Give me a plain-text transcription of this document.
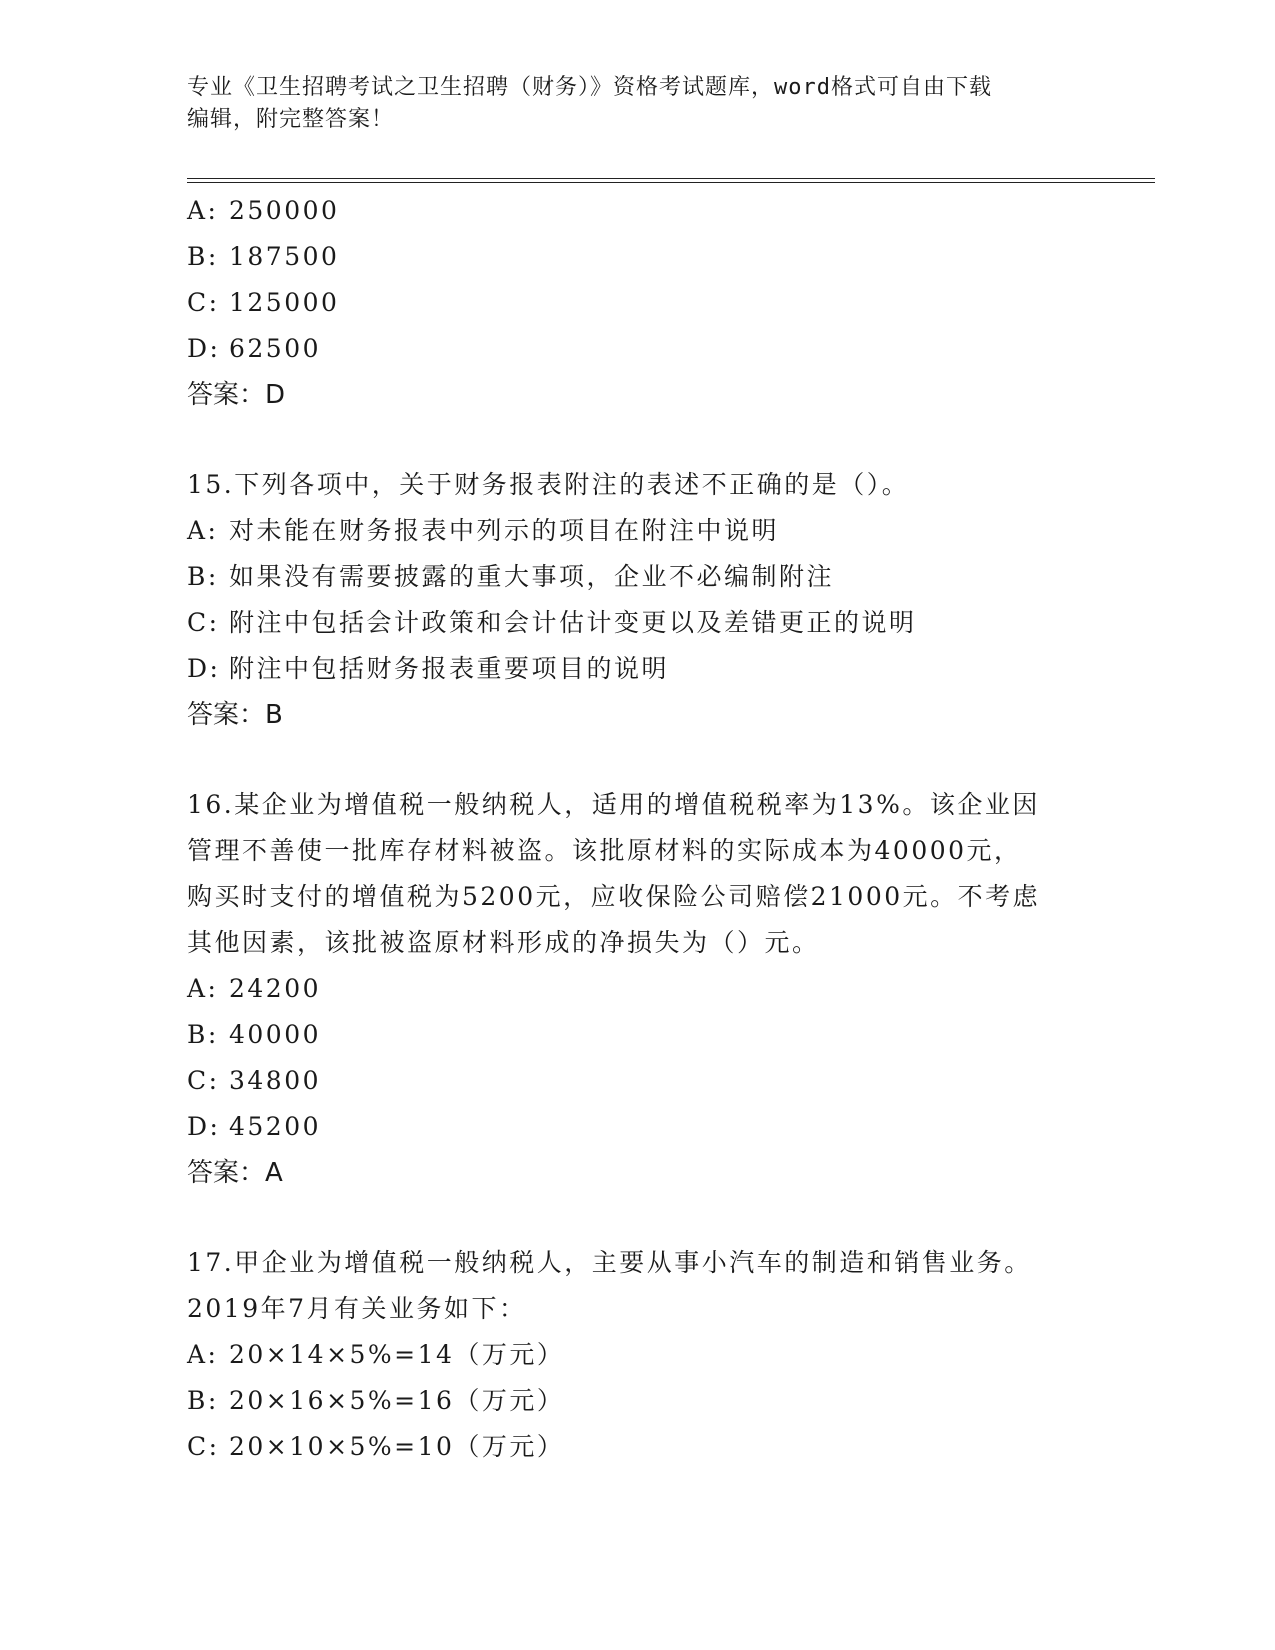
专业《卫生招聘考试之卫生招聘（财务）》资格考试题库，word格式可自由下载
编辑，附完整答案！
A: 250000
B: 187500
C: 125000
D: 62500
答案：D
15.下列各项中，关于财务报表附注的表述不正确的是（）。
A: 对未能在财务报表中列示的项目在附注中说明
B: 如果没有需要披露的重大事项，企业不必编制附注
C: 附注中包括会计政策和会计估计变更以及差错更正的说明
D: 附注中包括财务报表重要项目的说明
答案：B
16.某企业为增值税一般纳税人，适用的增值税税率为13%。该企业因
管理不善使一批库存材料被盗。该批原材料的实际成本为40000元，
购买时支付的增值税为5200元，应收保险公司赔偿21000元。不考虑
其他因素，该批被盗原材料形成的净损失为（）元。
A: 24200
B: 40000
C: 34800
D: 45200
答案：A
17.甲企业为增值税一般纳税人，主要从事小汽车的制造和销售业务。
2019年7月有关业务如下：
A: 20×14×5%=14（万元）
B: 20×16×5%=16（万元）
C: 20×10×5%=10（万元）
